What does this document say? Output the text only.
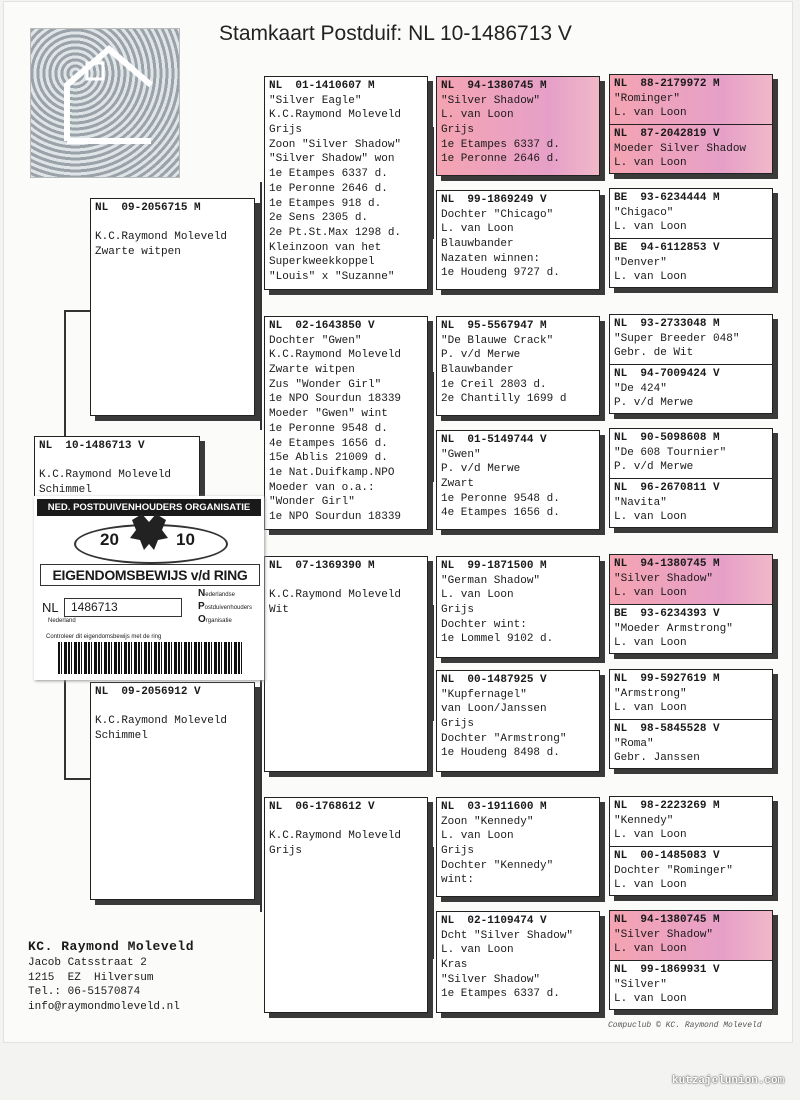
Stamkaart Postduif: NL 10-1486713 V
NL  10-1486713 V
K.C.Raymond Moleveld
Schimmel
NL  09-2056715 M
K.C.Raymond Moleveld
Zwarte witpen
NL  09-2056912 V
K.C.Raymond Moleveld
Schimmel
NL  01-1410607 M
"Silver Eagle"
K.C.Raymond Moleveld
Grijs
Zoon "Silver Shadow"
"Silver Shadow" won
1e Etampes 6337 d.
1e Peronne 2646 d.
1e Etampes 918 d.
2e Sens 2305 d.
2e Pt.St.Max 1298 d.
Kleinzoon van het
Superkweekkoppel
"Louis" x "Suzanne"
NL  02-1643850 V
Dochter "Gwen"
K.C.Raymond Moleveld
Zwarte witpen
Zus "Wonder Girl"
1e NPO Sourdun 18339
Moeder "Gwen" wint
1e Peronne 9548 d.
4e Etampes 1656 d.
15e Ablis 21009 d.
1e Nat.Duifkamp.NPO
Moeder van o.a.:
"Wonder Girl"
1e NPO Sourdun 18339
NL  07-1369390 M
K.C.Raymond Moleveld
Wit
NL  06-1768612 V
K.C.Raymond Moleveld
Grijs
NL  94-1380745 M
"Silver Shadow"
L. van Loon
Grijs
1e Etampes 6337 d.
1e Peronne 2646 d.
NL  99-1869249 V
Dochter "Chicago"
L. van Loon
Blauwbander
Nazaten winnen:
1e Houdeng 9727 d.
NL  95-5567947 M
"De Blauwe Crack"
P. v/d Merwe
Blauwbander
1e Creil 2803 d.
2e Chantilly 1699 d
NL  01-5149744 V
"Gwen"
P. v/d Merwe
Zwart
1e Peronne 9548 d.
4e Etampes 1656 d.
NL  99-1871500 M
"German Shadow"
L. van Loon
Grijs
Dochter wint:
1e Lommel 9102 d.
NL  00-1487925 V
"Kupfernagel"
van Loon/Janssen
Grijs
Dochter "Armstrong"
1e Houdeng 8498 d.
NL  03-1911600 M
Zoon "Kennedy"
L. van Loon
Grijs
Dochter "Kennedy"
wint:
NL  02-1109474 V
Dcht "Silver Shadow"
L. van Loon
Kras
"Silver Shadow"
1e Etampes 6337 d.
NL  88-2179972 M
"Rominger"
L. van Loon
NL  87-2042819 V
Moeder Silver Shadow
L. van Loon
BE  93-6234444 M
"Chigaco"
L. van Loon
BE  94-6112853 V
"Denver"
L. van Loon
NL  93-2733048 M
"Super Breeder 048"
Gebr. de Wit
NL  94-7009424 V
"De 424"
P. v/d Merwe
NL  90-5098608 M
"De 608 Tournier"
P. v/d Merwe
NL  96-2670811 V
"Navita"
L. van Loon
NL  94-1380745 M
"Silver Shadow"
L. van Loon
BE  93-6234393 V
"Moeder Armstrong"
L. van Loon
NL  99-5927619 M
"Armstrong"
L. van Loon
NL  98-5845528 V
"Roma"
Gebr. Janssen
NL  98-2223269 M
"Kennedy"
L. van Loon
NL  00-1485083 V
Dochter "Rominger"
L. van Loon
NL  94-1380745 M
"Silver Shadow"
L. van Loon
NL  99-1869931 V
"Silver"
L. van Loon
NED. POSTDUIVENHOUDERS ORGANISATIE
20	10
EIGENDOMSBEWIJS v/d RING
NL	1486713
Nederland
Nederlandse
Postduivenhouders
Organisatie
Controleer dit eigendomsbewijs met de ring
KC. Raymond Moleveld
Jacob Catsstraat 2
1215  EZ  Hilversum
Tel.: 06-51570874
info@raymondmoleveld.nl
Compuclub © KC. Raymond Moleveld
kutzajelunion.com
